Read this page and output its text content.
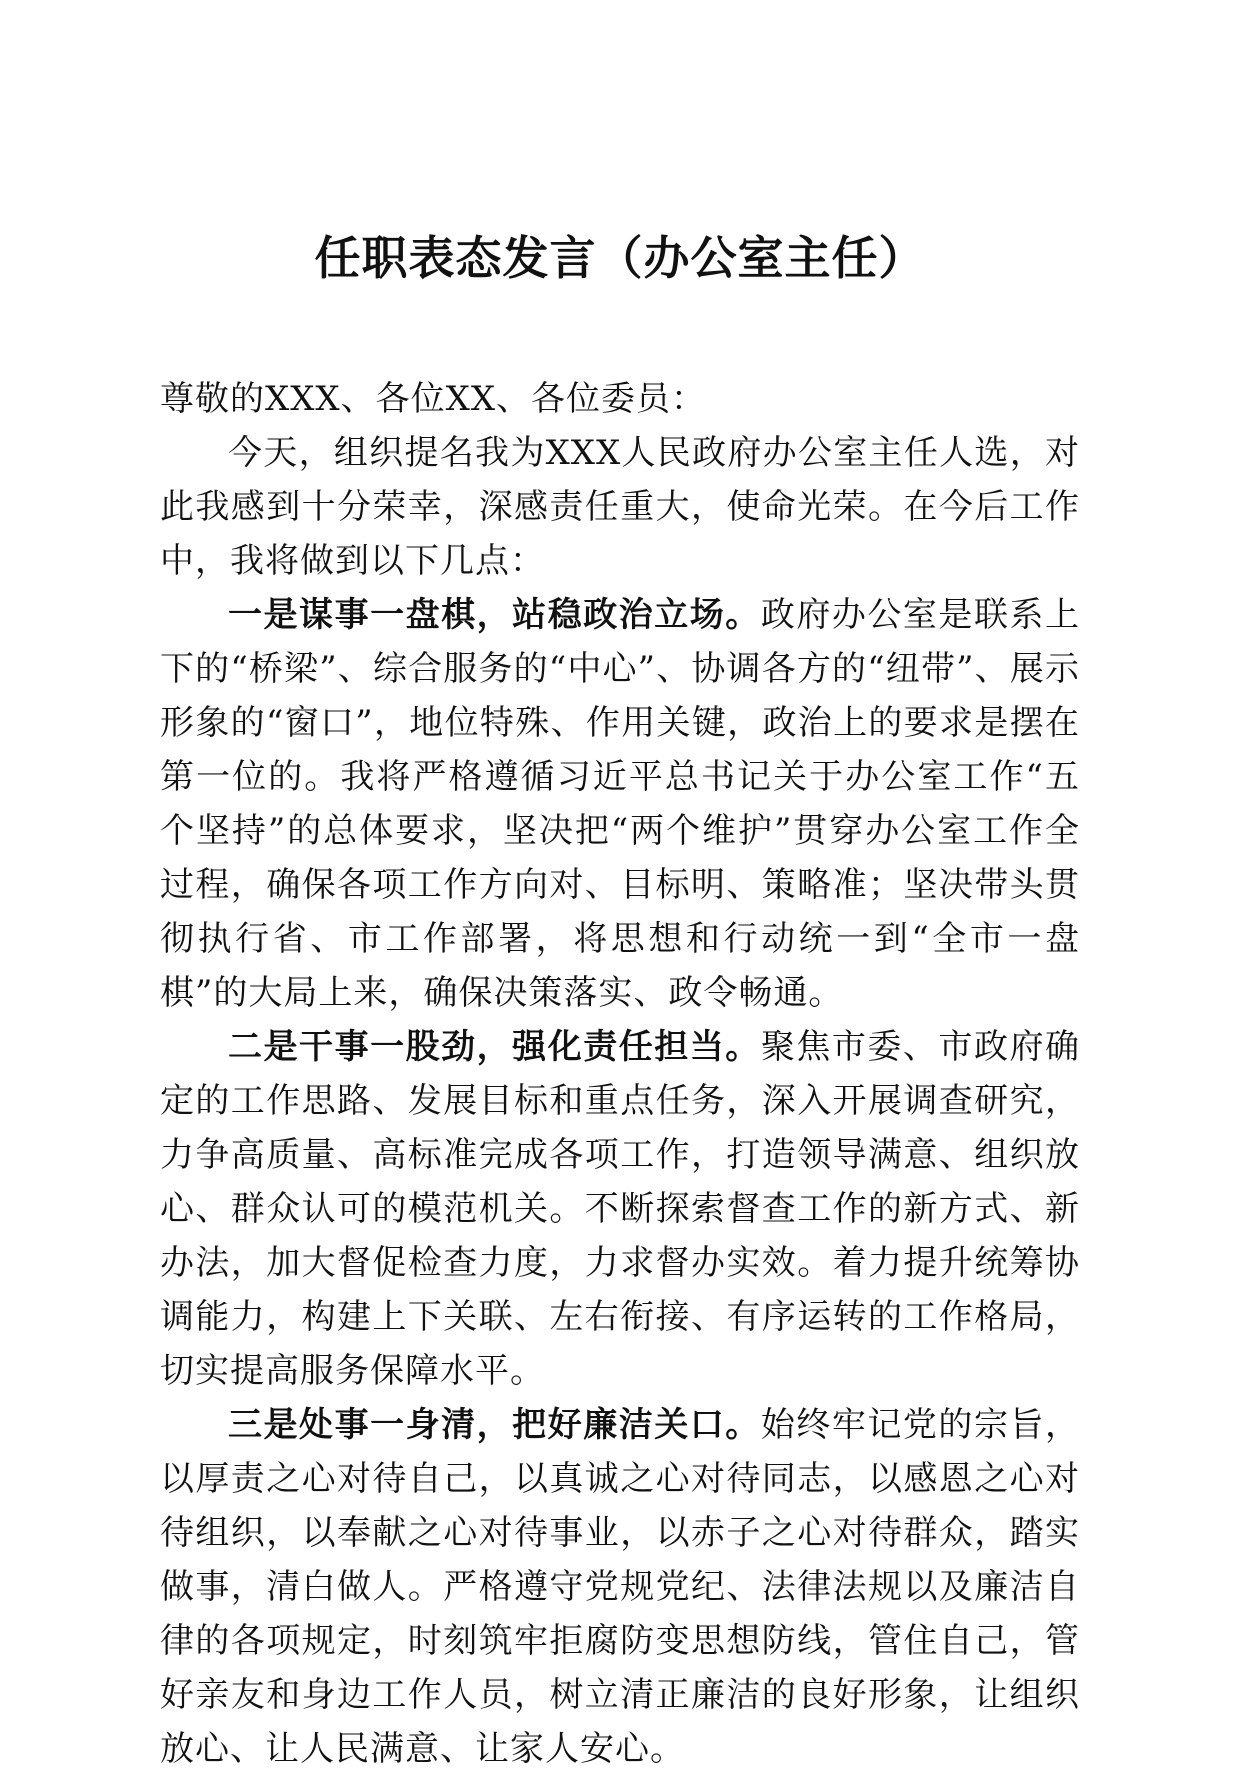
任职表态发言（办公室主任）

尊敬的XXX、各位XX、各位委员：

今天，组织提名我为XXX人民政府办公室主任人选，对此我感到十分荣幸，深感责任重大，使命光荣。在今后工作中，我将做到以下几点：

一是谋事一盘棋，站稳政治立场。政府办公室是联系上下的“桥梁”、综合服务的“中心”、协调各方的“纽带”、展示形象的“窗口”，地位特殊、作用关键，政治上的要求是摆在第一位的。我将严格遵循习近平总书记关于办公室工作“五个坚持”的总体要求，坚决把“两个维护”贯穿办公室工作全过程，确保各项工作方向对、目标明、策略准；坚决带头贯彻执行省、市工作部署，将思想和行动统一到“全市一盘棋”的大局上来，确保决策落实、政令畅通。

二是干事一股劲，强化责任担当。聚焦市委、市政府确定的工作思路、发展目标和重点任务，深入开展调查研究，力争高质量、高标准完成各项工作，打造领导满意、组织放心、群众认可的模范机关。不断探索督查工作的新方式、新办法，加大督促检查力度，力求督办实效。着力提升统筹协调能力，构建上下关联、左右衔接、有序运转的工作格局，切实提高服务保障水平。

三是处事一身清，把好廉洁关口。始终牢记党的宗旨，以厚责之心对待自己，以真诚之心对待同志，以感恩之心对待组织，以奉献之心对待事业，以赤子之心对待群众，踏实做事，清白做人。严格遵守党规党纪、法律法规以及廉洁自律的各项规定，时刻筑牢拒腐防变思想防线，管住自己，管好亲友和身边工作人员，树立清正廉洁的良好形象，让组织放心、让人民满意、让家人安心。
